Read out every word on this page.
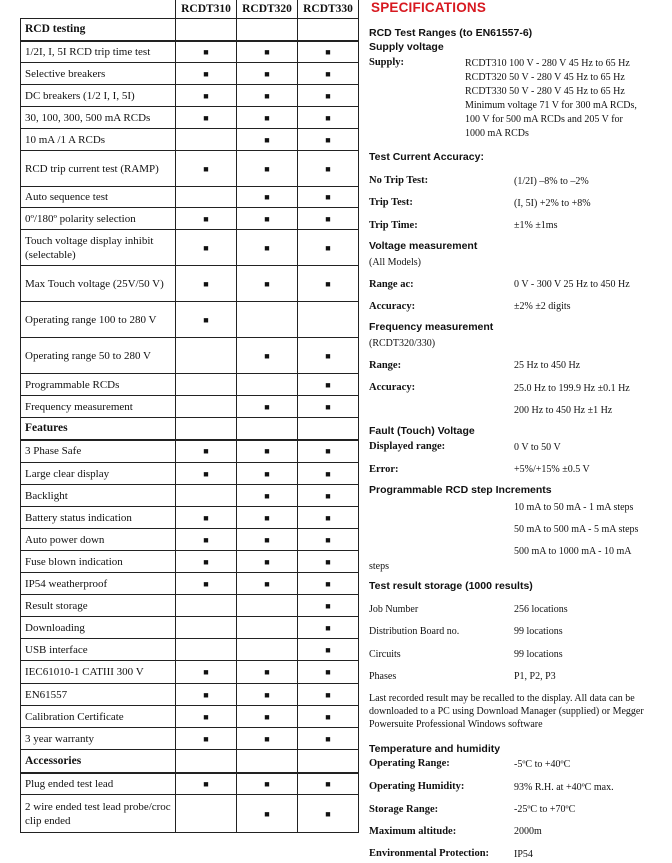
	RCDT310	RCDT320	RCDT330
RCD testing			
1/2I, I, 5I RCD trip time test	■	■	■
Selective breakers	■	■	■
DC breakers (1/2 I, I, 5I)	■	■	■
30, 100, 300, 500 mA RCDs	■	■	■
10 mA /1 A RCDs		■	■
RCD trip current test (RAMP)	■	■	■
Auto sequence test		■	■
0º/180º polarity selection	■	■	■
Touch voltage display inhibit (selectable)	■	■	■
Max Touch voltage (25V/50 V)	■	■	■
Operating range 100 to 280 V	■		
Operating range 50 to 280 V		■	■
Programmable RCDs			■
Frequency measurement		■	■
Features			
3 Phase Safe	■	■	■
Large clear display	■	■	■
Backlight		■	■
Battery status indication	■	■	■
Auto power down	■	■	■
Fuse blown indication	■	■	■
IP54 weatherproof	■	■	■
Result storage			■
Downloading			■
USB interface			■
IEC61010-1 CATIII 300 V	■	■	■
EN61557	■	■	■
Calibration Certificate	■	■	■
3 year warranty	■	■	■
Accessories			
Plug ended test lead	■	■	■
2 wire ended test lead probe/croc clip ended		■	■
SPECIFICATIONS
RCD Test Ranges (to EN61557-6)
Supply voltage
Supply:	RCDT310 100 V - 280 V 45 Hz to 65 Hz
RCDT320 50 V - 280 V 45 Hz to 65 Hz
RCDT330 50 V - 280 V 45 Hz to 65 Hz
Minimum voltage 71 V for 300 mA RCDs,
100 V for 500 mA RCDs and 205 V for
1000 mA RCDs
Test Current Accuracy:
No Trip Test:	(1/2I) –8% to –2%
Trip Test:	(I, 5I) +2% to +8%
Trip Time:	±1% ±1ms
Voltage measurement
(All Models)
Range ac:	0 V - 300 V 25 Hz to 450 Hz
Accuracy:	±2% ±2 digits
Frequency measurement
(RCDT320/330)
Range:	25 Hz to 450 Hz
Accuracy:	25.0 Hz to 199.9 Hz ±0.1 Hz
200 Hz to 450 Hz ±1 Hz
Fault (Touch) Voltage
Displayed range:	0 V to 50 V
Error:	+5%/+15% ±0.5 V
Programmable RCD step Increments
10 mA to 50 mA - 1 mA steps
50 mA to 500 mA - 5 mA steps
500 mA to 1000 mA - 10 mA
steps
Test result storage (1000 results)
Job Number	256 locations
Distribution Board no.	99 locations
Circuits	99 locations
Phases	P1, P2, P3
Last recorded result may be recalled to the display. All data can be downloaded to a PC using Download Manager (supplied) or Megger Powersuite Professional Windows software
Temperature and humidity
Operating Range:	-5ºC to +40ºC
Operating Humidity:	93% R.H. at +40ºC max.
Storage Range:	-25ºC to +70ºC
Maximum altitude:	2000m
Environmental Protection: IP54
